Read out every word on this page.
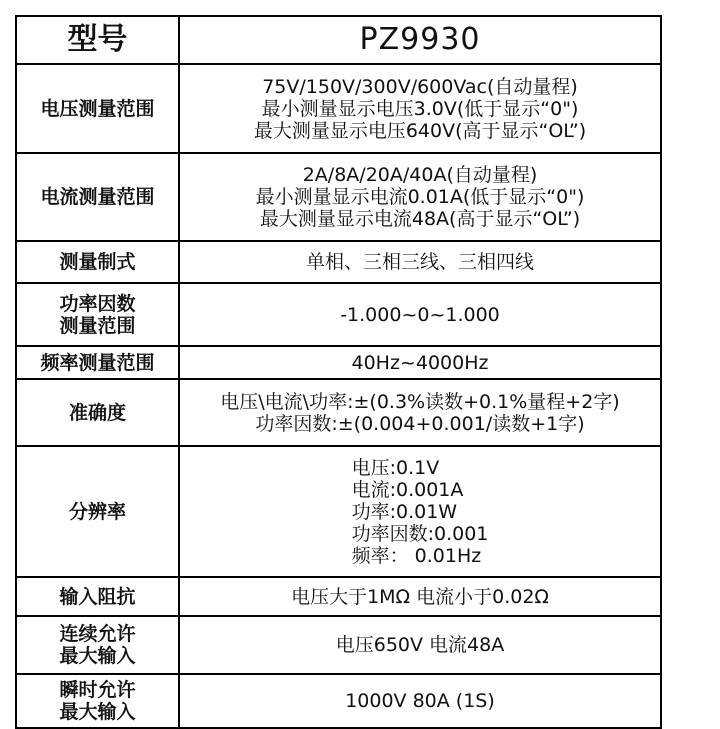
型号	PZ9930

电压测量范围	75V/150V/300V/600Vac(自动量程)
最小测量显示电压3.0V(低于显示“0")
最大测量显示电压640V(高于显示“OL”)

电流测量范围	2A/8A/20A/40A(自动量程)
最小测量显示电流0.01A(低于显示“0")
最大测量显示电流48A(高于显示“OL”)

测量制式	单相、三相三线、三相四线

功率因数
测量范围	-1.000~0~1.000

频率测量范围	40Hz~4000Hz

准确度	电压\电流\功率:±(0.3%读数+0.1%量程+2字)
功率因数:±(0.004+0.001/读数+1字)

分辨率	电压:0.1V
电流:0.001A
功率:0.01W
功率因数:0.001
频率： 0.01Hz

输入阻抗	电压大于1MΩ 电流小于0.02Ω

连续允许
最大输入	电压650V 电流48A

瞬时允许
最大输入	1000V 80A (1S)
